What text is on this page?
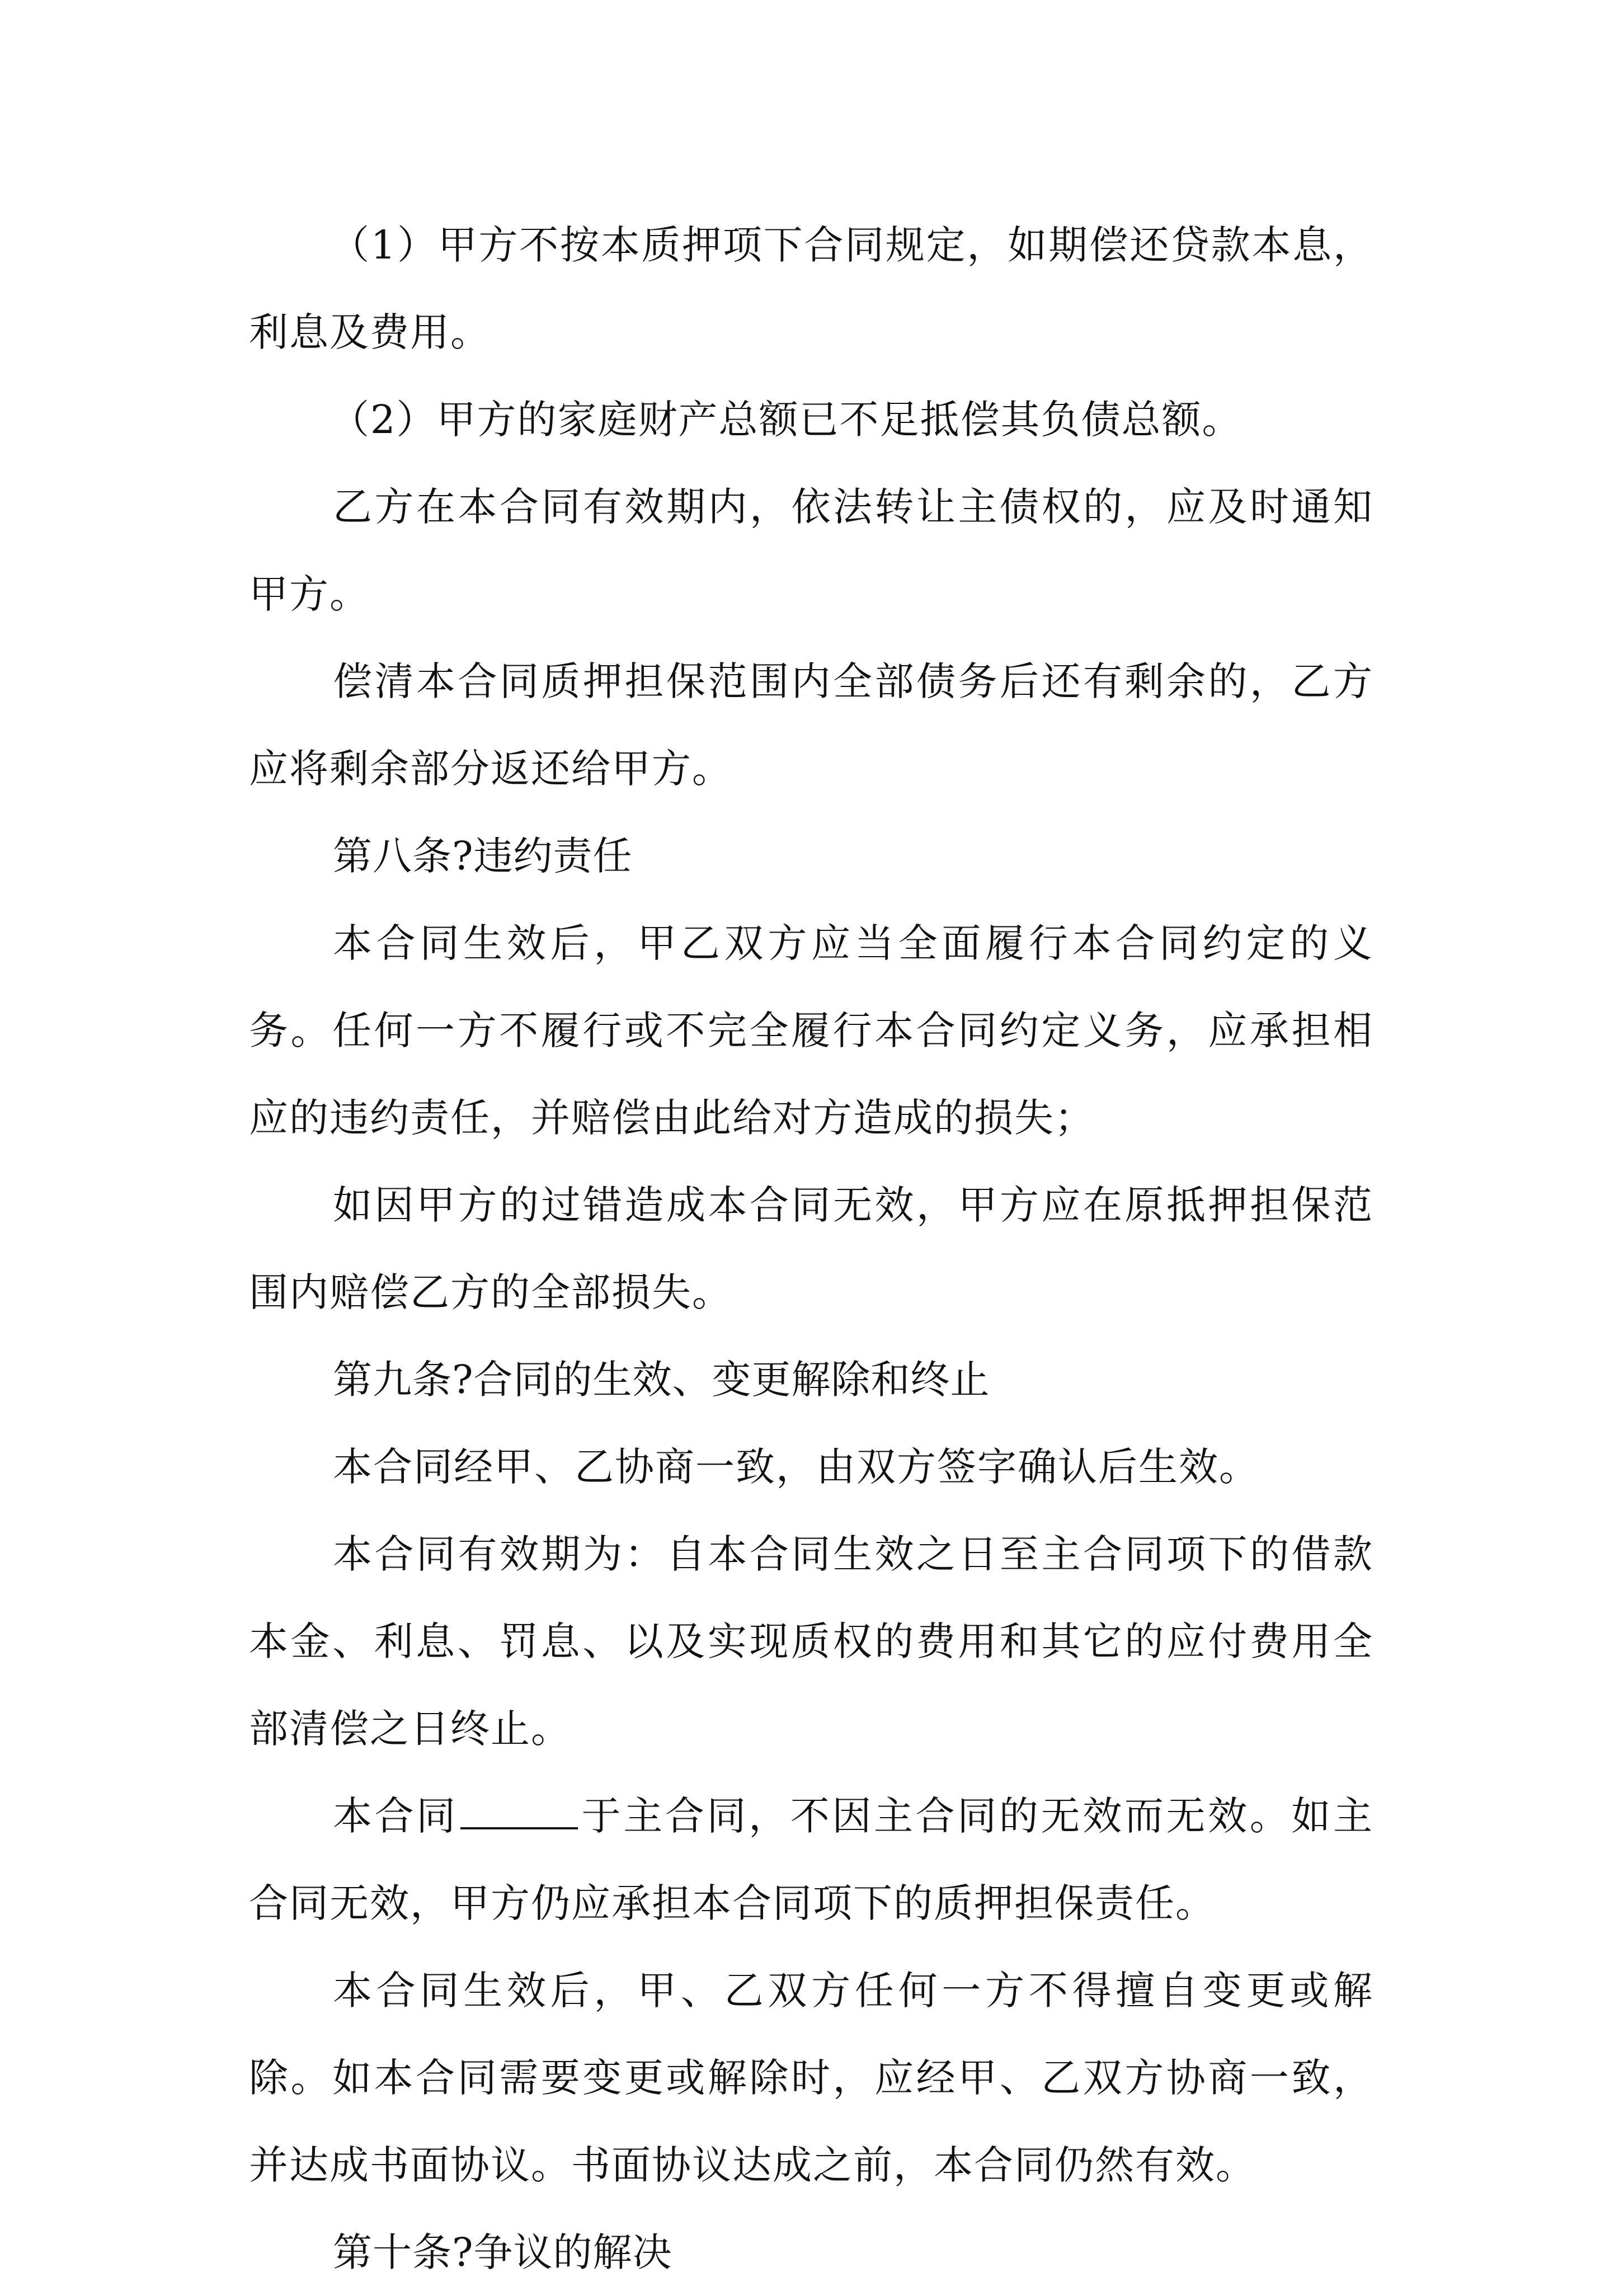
（1）甲方不按本质押项下合同规定，如期偿还贷款本息，利息及费用。

（2）甲方的家庭财产总额已不足抵偿其负债总额。

乙方在本合同有效期内，依法转让主债权的，应及时通知甲方。

偿清本合同质押担保范围内全部债务后还有剩余的，乙方应将剩余部分返还给甲方。

第八条?违约责任

本合同生效后，甲乙双方应当全面履行本合同约定的义务。任何一方不履行或不完全履行本合同约定义务，应承担相应的违约责任，并赔偿由此给对方造成的损失；

如因甲方的过错造成本合同无效，甲方应在原抵押担保范围内赔偿乙方的全部损失。

第九条?合同的生效、变更解除和终止

本合同经甲、乙协商一致，由双方签字确认后生效。

本合同有效期为：自本合同生效之日至主合同项下的借款本金、利息、罚息、以及实现质权的费用和其它的应付费用全部清偿之日终止。

本合同	于主合同，不因主合同的无效而无效。如主合同无效，甲方仍应承担本合同项下的质押担保责任。

本合同生效后，甲、乙双方任何一方不得擅自变更或解除。如本合同需要变更或解除时，应经甲、乙双方协商一致，并达成书面协议。书面协议达成之前，本合同仍然有效。

第十条?争议的解决
